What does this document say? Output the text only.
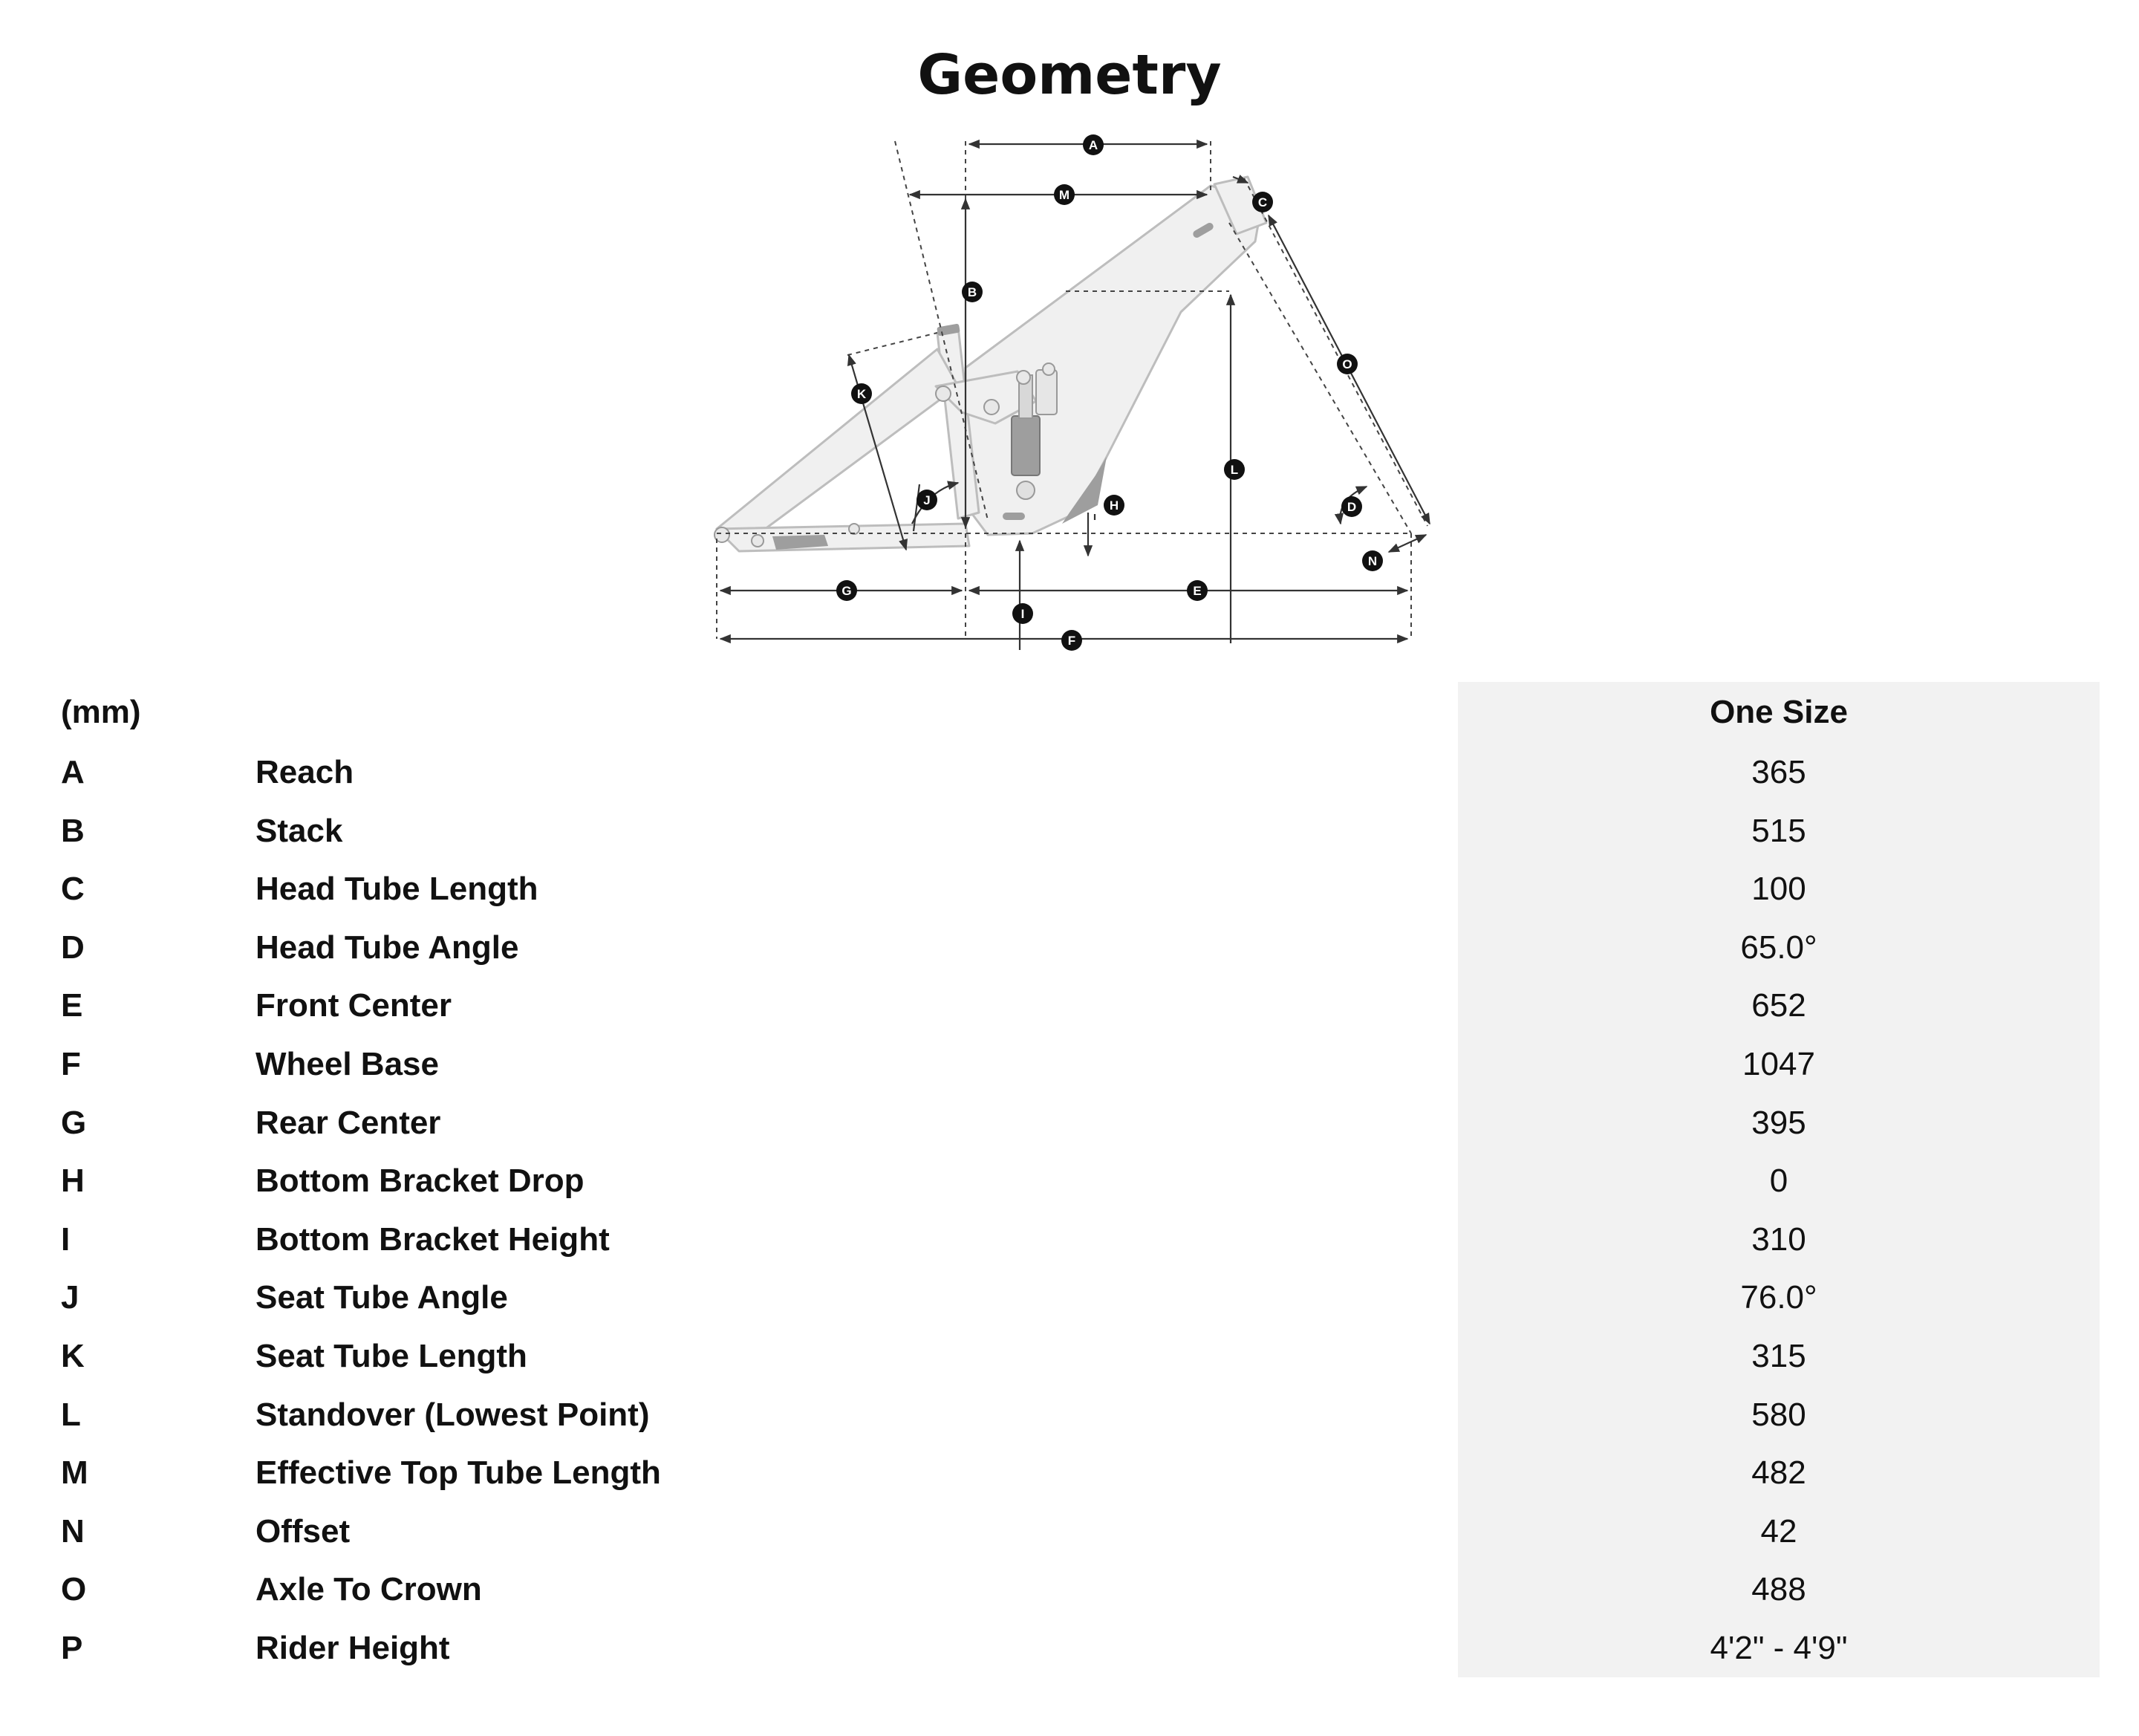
Geometry
A
M
C
B
O
K
L
J	H	D
N
G	E
I
F
(mm)	One Size
A	Reach	365
B	Stack	515
C	Head Tube Length	100
D	Head Tube Angle	65.0°
E	Front Center	652
F	Wheel Base	1047
G	Rear Center	395
H	Bottom Bracket Drop	0
I	Bottom Bracket Height	310
J	Seat Tube Angle	76.0°
K	Seat Tube Length	315
L	Standover (Lowest Point)	580
M	Effective Top Tube Length	482
N	Offset	42
O	Axle To Crown	488
P	Rider Height	4'2" - 4'9"
